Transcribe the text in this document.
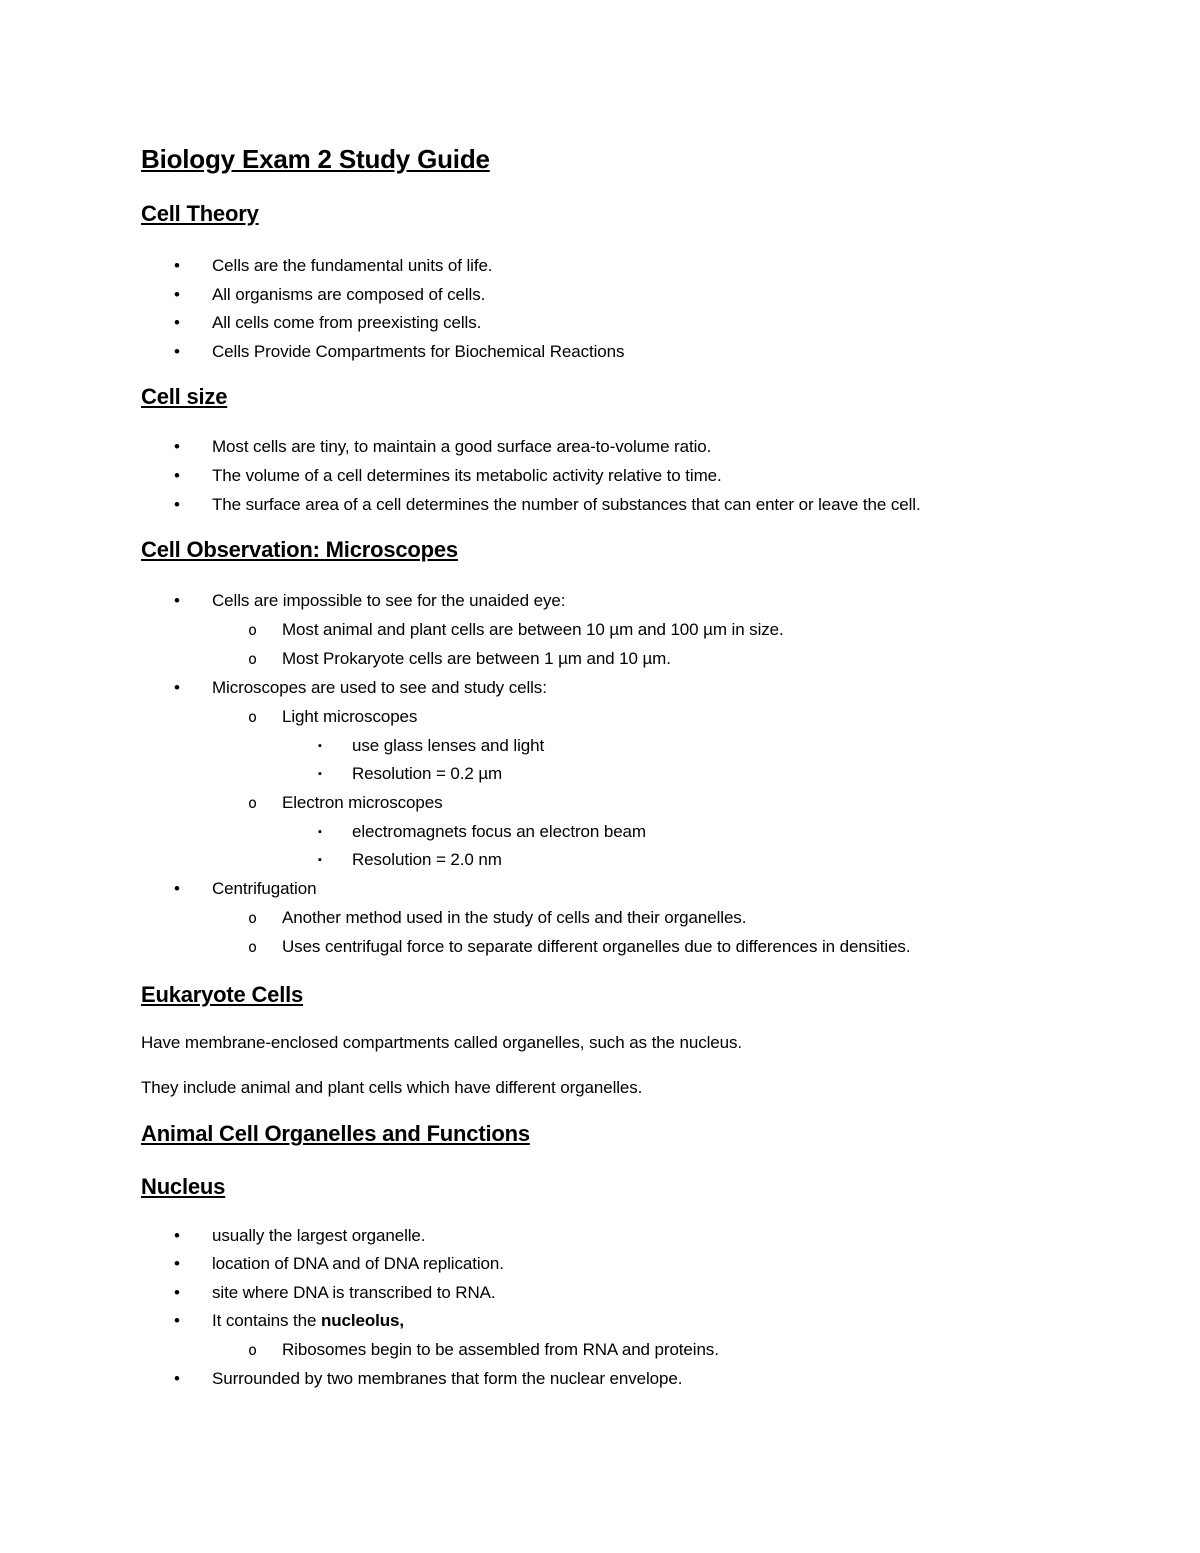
Biology Exam 2 Study Guide
Cell Theory
• Cells are the fundamental units of life.
• All organisms are composed of cells.
• All cells come from preexisting cells.
• Cells Provide Compartments for Biochemical Reactions
Cell size
• Most cells are tiny, to maintain a good surface area-to-volume ratio.
• The volume of a cell determines its metabolic activity relative to time.
• The surface area of a cell determines the number of substances that can enter or leave the cell.
Cell Observation: Microscopes
• Cells are impossible to see for the unaided eye:
o Most animal and plant cells are between 10 µm and 100 µm in size.
o Most Prokaryote cells are between 1 µm and 10 µm.
• Microscopes are used to see and study cells:
o Light microscopes
▪ use glass lenses and light
▪ Resolution = 0.2 µm
o Electron microscopes
▪ electromagnets focus an electron beam
▪ Resolution = 2.0 nm
• Centrifugation
o Another method used in the study of cells and their organelles.
o Uses centrifugal force to separate different organelles due to differences in densities.
Eukaryote Cells
Have membrane-enclosed compartments called organelles, such as the nucleus.
They include animal and plant cells which have different organelles.
Animal Cell Organelles and Functions
Nucleus
• usually the largest organelle.
• location of DNA and of DNA replication.
• site where DNA is transcribed to RNA.
• It contains the nucleolus,
o Ribosomes begin to be assembled from RNA and proteins.
• Surrounded by two membranes that form the nuclear envelope.
